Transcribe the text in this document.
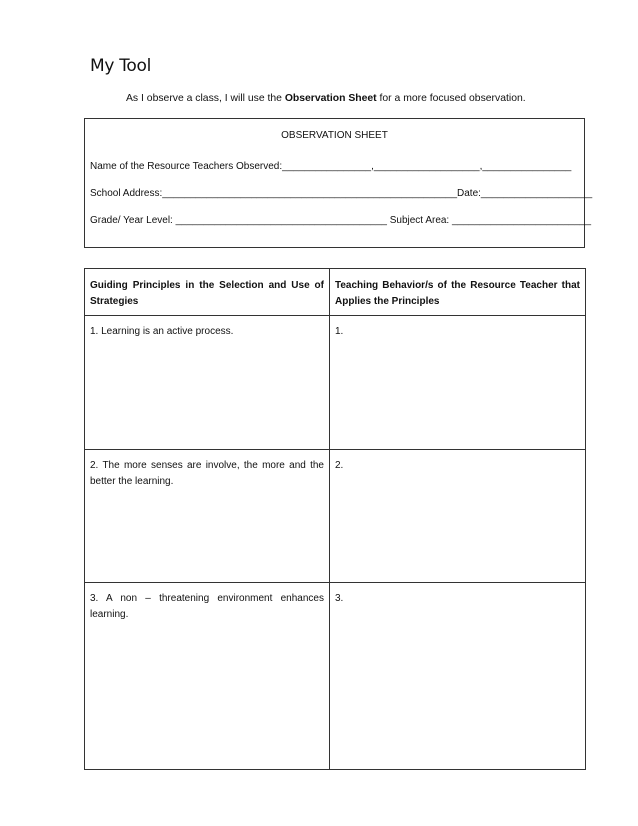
My Tool
As I observe a class, I will use the Observation Sheet for a more focused observation.
OBSERVATION SHEET
Name of the Resource Teachers Observed:________________,___________________,________________
School Address:_____________________________________________________Date:____________________
Grade/ Year Level: ______________________________________ Subject Area: _________________________
Guiding Principles in the Selection and Use of Strategies	Teaching Behavior/s of the Resource Teacher that Applies the Principles
1. Learning is an active process.	1.
2. The more senses are involve, the more and the better the learning.	2.
3. A non – threatening environment enhances learning.	3.
